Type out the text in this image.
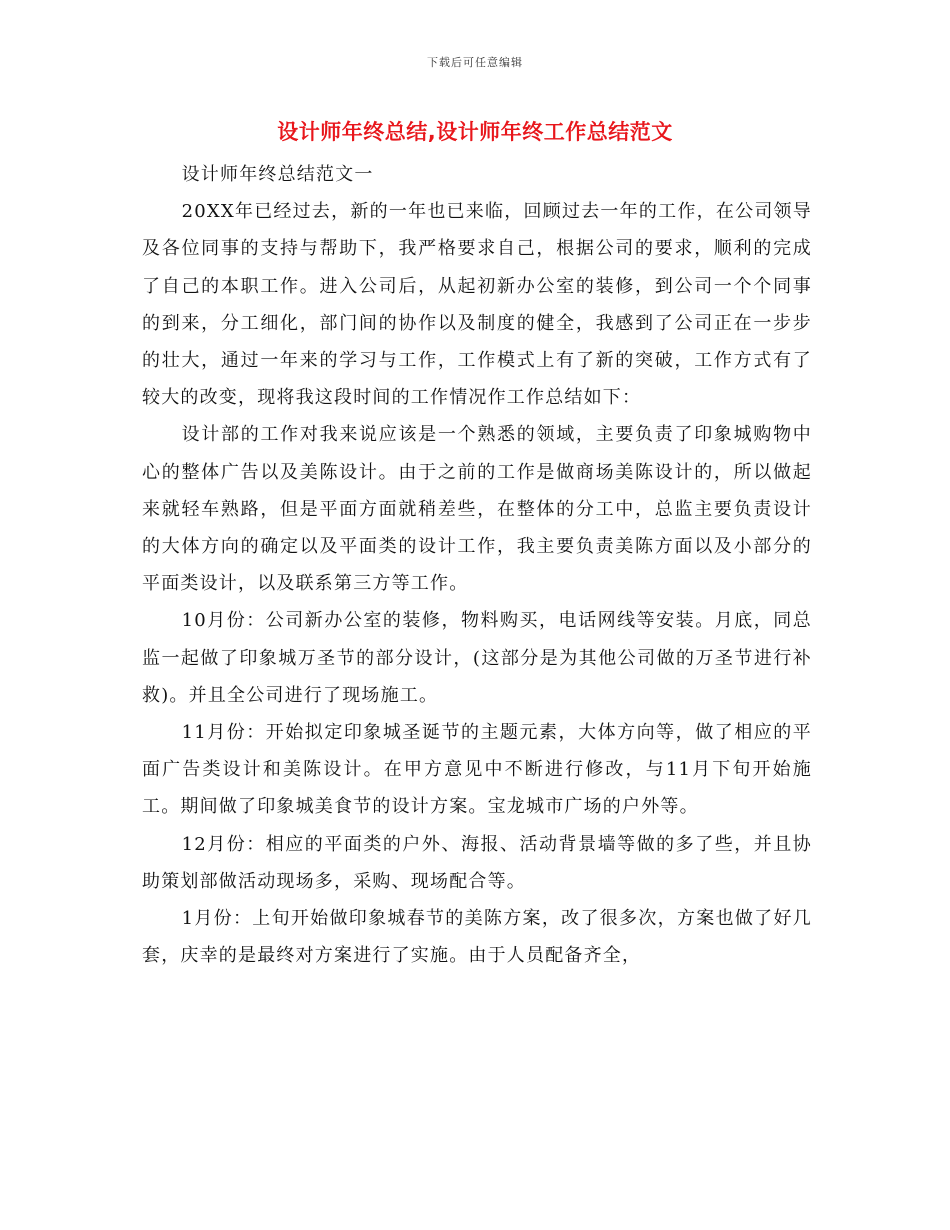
下载后可任意编辑
设计师年终总结,设计师年终工作总结范文

设计师年终总结范文一

20XX年已经过去，新的一年也已来临，回顾过去一年的工作，在公司领导及各位同事的支持与帮助下，我严格要求自己，根据公司的要求，顺利的完成了自己的本职工作。进入公司后，从起初新办公室的装修，到公司一个个同事的到来，分工细化，部门间的协作以及制度的健全，我感到了公司正在一步步的壮大，通过一年来的学习与工作，工作模式上有了新的突破，工作方式有了较大的改变，现将我这段时间的工作情况作工作总结如下：

设计部的工作对我来说应该是一个熟悉的领域，主要负责了印象城购物中心的整体广告以及美陈设计。由于之前的工作是做商场美陈设计的，所以做起来就轻车熟路，但是平面方面就稍差些，在整体的分工中，总监主要负责设计的大体方向的确定以及平面类的设计工作，我主要负责美陈方面以及小部分的平面类设计，以及联系第三方等工作。

10月份：公司新办公室的装修，物料购买，电话网线等安装。月底，同总监一起做了印象城万圣节的部分设计，(这部分是为其他公司做的万圣节进行补救)。并且全公司进行了现场施工。

11月份：开始拟定印象城圣诞节的主题元素，大体方向等，做了相应的平面广告类设计和美陈设计。在甲方意见中不断进行修改，与11月下旬开始施工。期间做了印象城美食节的设计方案。宝龙城市广场的户外等。

12月份：相应的平面类的户外、海报、活动背景墙等做的多了些，并且协助策划部做活动现场多，采购、现场配合等。

1月份：上旬开始做印象城春节的美陈方案，改了很多次，方案也做了好几套，庆幸的是最终对方案进行了实施。由于人员配备齐全，
